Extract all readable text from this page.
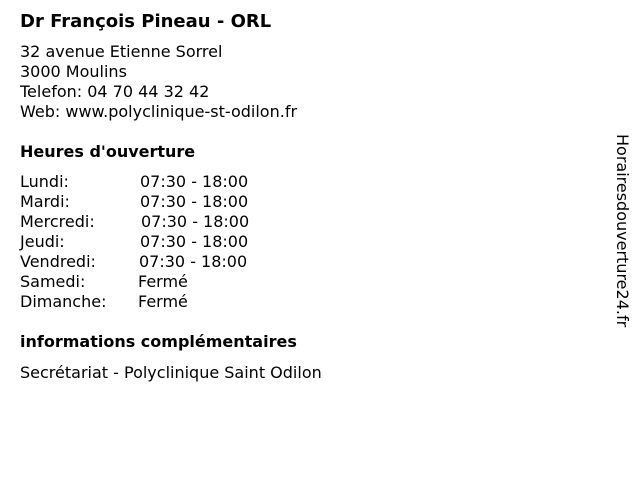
Dr François Pineau - ORL
32 avenue Etienne Sorrel
3000 Moulins
Telefon: 04 70 44 32 42
Web: www.polyclinique-st-odilon.fr
Heures d'ouverture
Lundi:	07:30 - 18:00
Mardi:	07:30 - 18:00
Mercredi:	07:30 - 18:00
Jeudi:	07:30 - 18:00
Vendredi:	07:30 - 18:00
Samedi:	Fermé
Dimanche: Fermé
informations complémentaires
Secrétariat - Polyclinique Saint Odilon
Horairesdouverture24.fr
